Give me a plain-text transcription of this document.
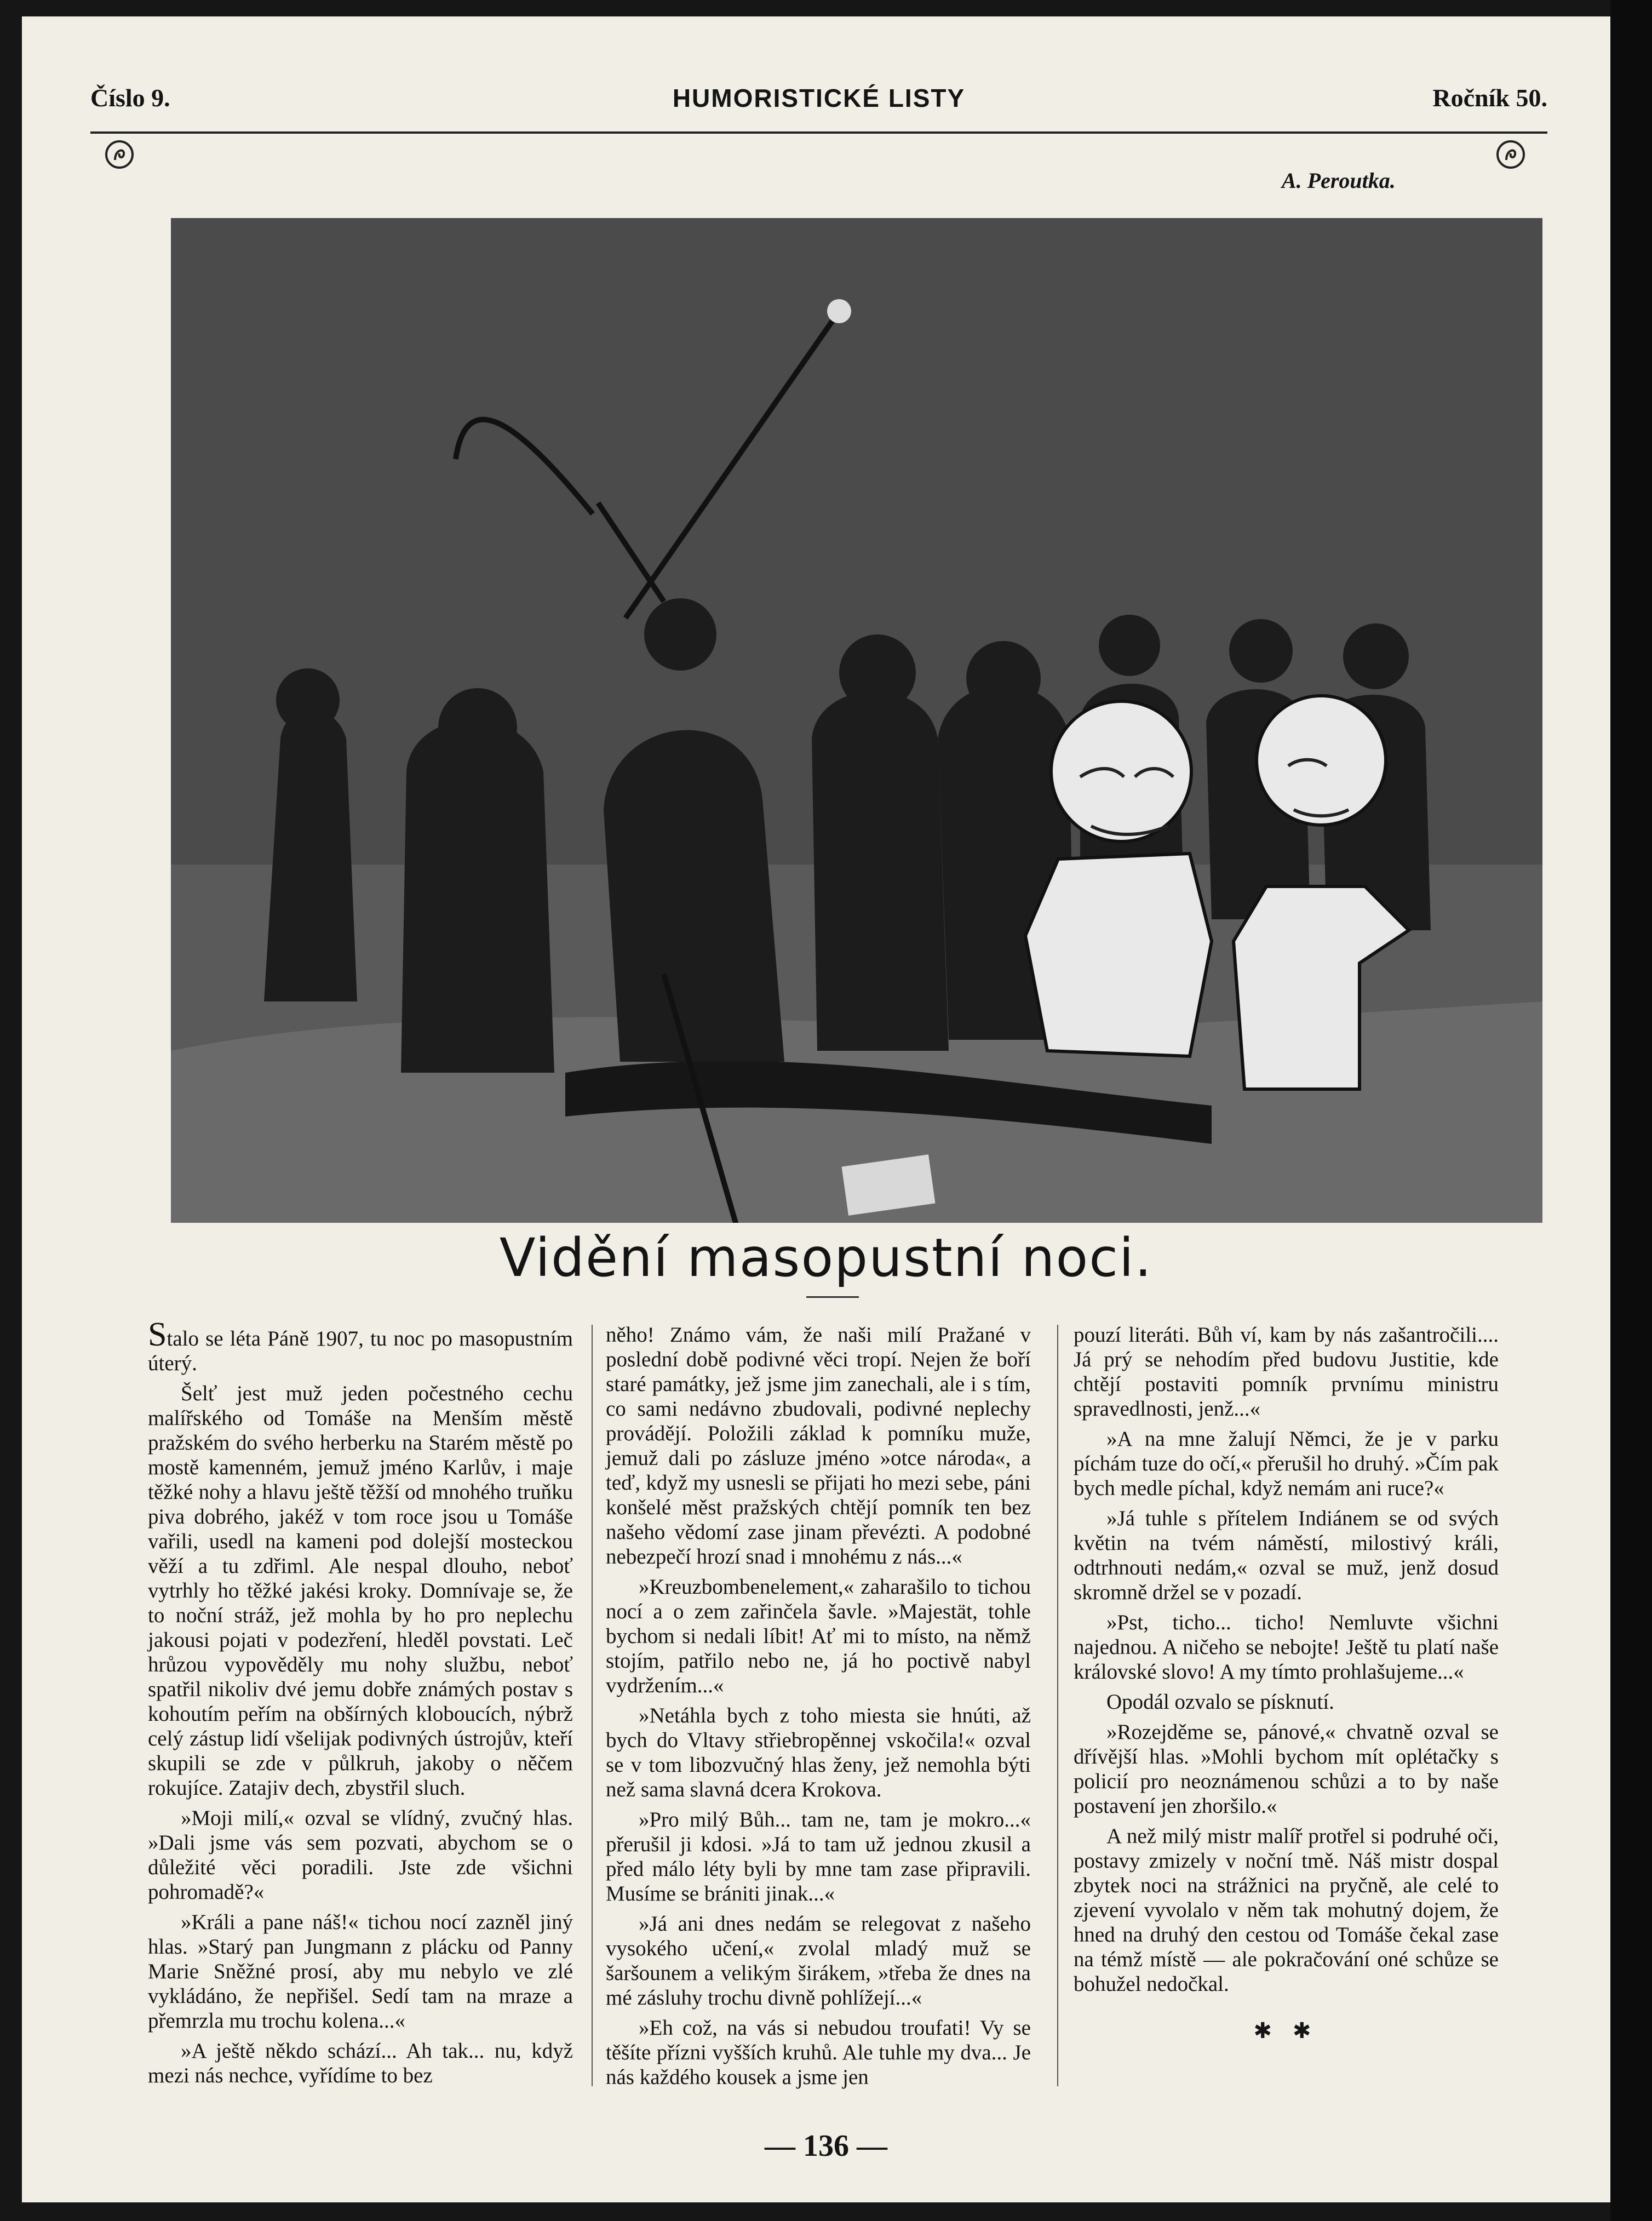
Číslo 9.	HUMORISTICKÉ LISTY	Ročník 50.
A. Peroutka.
Vidění masopustní noci.

Stalo se léta Páně 1907, tu noc po masopustním úterý.

Šelť jest muž jeden počestného cechu malířského od Tomáše na Menším městě pražském do svého herberku na Starém městě po mostě kamenném, jemuž jméno Karlův, i maje těžké nohy a hlavu ještě těžší od mnohého truňku piva dobrého, jakéž v tom roce jsou u Tomáše vařili, usedl na kameni pod dolejší mosteckou věží a tu zdřiml. Ale nespal dlouho, neboť vytrhly ho těžké jakési kroky. Domnívaje se, že to noční stráž, jež mohla by ho pro neplechu jakousi pojati v podezření, hleděl povstati. Leč hrůzou vypověděly mu nohy službu, neboť spatřil nikoliv dvé jemu dobře známých postav s kohoutím peřím na obšírných kloboucích, nýbrž celý zástup lidí všelijak podivných ústrojův, kteří skupili se zde v půlkruh, jakoby o něčem rokujíce. Zatajiv dech, zbystřil sluch.

»Moji milí,« ozval se vlídný, zvučný hlas. »Dali jsme vás sem pozvati, abychom se o důležité věci poradili. Jste zde všichni pohromadě?«

»Králi a pane náš!« tichou nocí zazněl jiný hlas. »Starý pan Jungmann z plácku od Panny Marie Sněžné prosí, aby mu nebylo ve zlé vykládáno, že nepřišel. Sedí tam na mraze a přemrzla mu trochu kolena...«

»A ještě někdo schází... Ah tak... nu, když mezi nás nechce, vyřídíme to bez

něho! Známo vám, že naši milí Pražané v poslední době podivné věci tropí. Nejen že boří staré památky, jež jsme jim zanechali, ale i s tím, co sami nedávno zbudovali, podivné neplechy provádějí. Položili základ k pomníku muže, jemuž dali po zásluze jméno »otce národa«, a teď, když my usnesli se přijati ho mezi sebe, páni konšelé měst pražských chtějí pomník ten bez našeho vědomí zase jinam převézti. A podobné nebezpečí hrozí snad i mnohému z nás...«

»Kreuzbombenelement,« zaharašilo to tichou nocí a o zem zařinčela šavle. »Majestät, tohle bychom si nedali líbit! Ať mi to místo, na němž stojím, patřilo nebo ne, já ho poctivě nabyl vydržením...«

»Netáhla bych z toho miesta sie hnúti, až bych do Vltavy střiebropěnnej vskočila!« ozval se v tom libozvučný hlas ženy, jež nemohla býti než sama slavná dcera Krokova.

»Pro milý Bůh... tam ne, tam je mokro...« přerušil ji kdosi. »Já to tam už jednou zkusil a před málo léty byli by mne tam zase připravili. Musíme se brániti jinak...«

»Já ani dnes nedám se relegovat z našeho vysokého učení,« zvolal mladý muž se šaršounem a velikým širákem, »třeba že dnes na mé zásluhy trochu divně pohlížejí...«

»Eh což, na vás si nebudou troufati! Vy se těšíte přízni vyšších kruhů. Ale tuhle my dva... Je nás každého kousek a jsme jen

pouzí literáti. Bůh ví, kam by nás zašantročili.... Já prý se nehodím před budovu Justitie, kde chtějí postaviti pomník prvnímu ministru spravedlnosti, jenž...«

»A na mne žalují Němci, že je v parku píchám tuze do očí,« přerušil ho druhý. »Čím pak bych medle píchal, když nemám ani ruce?«

»Já tuhle s přítelem Indiánem se od svých květin na tvém náměstí, milostivý králi, odtrhnouti nedám,« ozval se muž, jenž dosud skromně držel se v pozadí.

»Pst, ticho... ticho! Nemluvte všichni najednou. A ničeho se nebojte! Ještě tu platí naše královské slovo! A my tímto prohlašujeme...«

Opodál ozvalo se písknutí.

»Rozejděme se, pánové,« chvatně ozval se dřívější hlas. »Mohli bychom mít oplétačky s policií pro neoznámenou schůzi a to by naše postavení jen zhoršilo.«

A než milý mistr malíř protřel si podruhé oči, postavy zmizely v noční tmě. Náš mistr dospal zbytek noci na strážnici na pryčně, ale celé to zjevení vyvolalo v něm tak mohutný dojem, že hned na druhý den cestou od Tomáše čekal zase na témž místě — ale pokračování oné schůze se bohužel nedočkal.

✱ ✱
— 136 —
